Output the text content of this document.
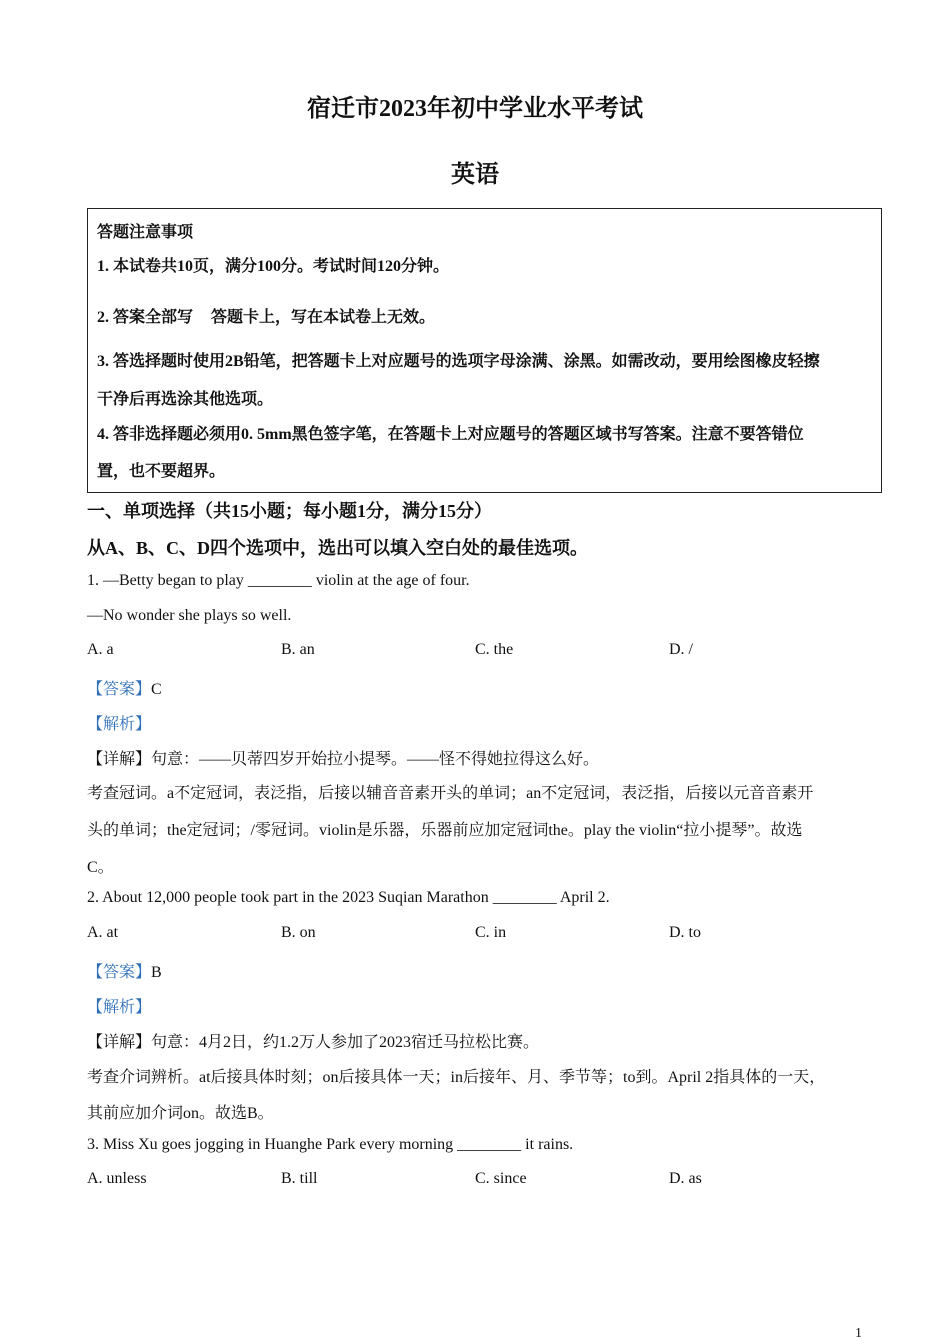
宿迁市2023年初中学业水平考试
英语
答题注意事项
1. 本试卷共10页，满分100分。考试时间120分钟。
2. 答案全部写 答题卡上，写在本试卷上无效。
3. 答选择题时使用2B铅笔，把答题卡上对应题号的选项字母涂满、涂黑。如需改动，要用绘图橡皮轻擦
干净后再选涂其他选项。
4. 答非选择题必须用0. 5mm黑色签字笔，在答题卡上对应题号的答题区域书写答案。注意不要答错位
置，也不要超界。
一、单项选择（共15小题；每小题1分，满分15分）
从A、B、C、D四个选项中，选出可以填入空白处的最佳选项。
1. —Betty began to play ________ violin at the age of four.
—No wonder she plays so well.
A. a	B. an	C. the	D. /
【答案】C
【解析】
【详解】句意：——贝蒂四岁开始拉小提琴。——怪不得她拉得这么好。
考查冠词。a不定冠词，表泛指，后接以辅音音素开头的单词；an不定冠词，表泛指，后接以元音音素开
头的单词；the定冠词；/零冠词。violin是乐器，乐器前应加定冠词the。play the violin“拉小提琴”。故选
C。
2. About 12,000 people took part in the 2023 Suqian Marathon ________ April 2.
A. at	B. on	C. in	D. to
【答案】B
【解析】
【详解】句意：4月2日，约1.2万人参加了2023宿迁马拉松比赛。
考查介词辨析。at后接具体时刻；on后接具体一天；in后接年、月、季节等；to到。April 2指具体的一天，
其前应加介词on。故选B。
3. Miss Xu goes jogging in Huanghe Park every morning ________ it rains.
A. unless	B. till	C. since	D. as
1
